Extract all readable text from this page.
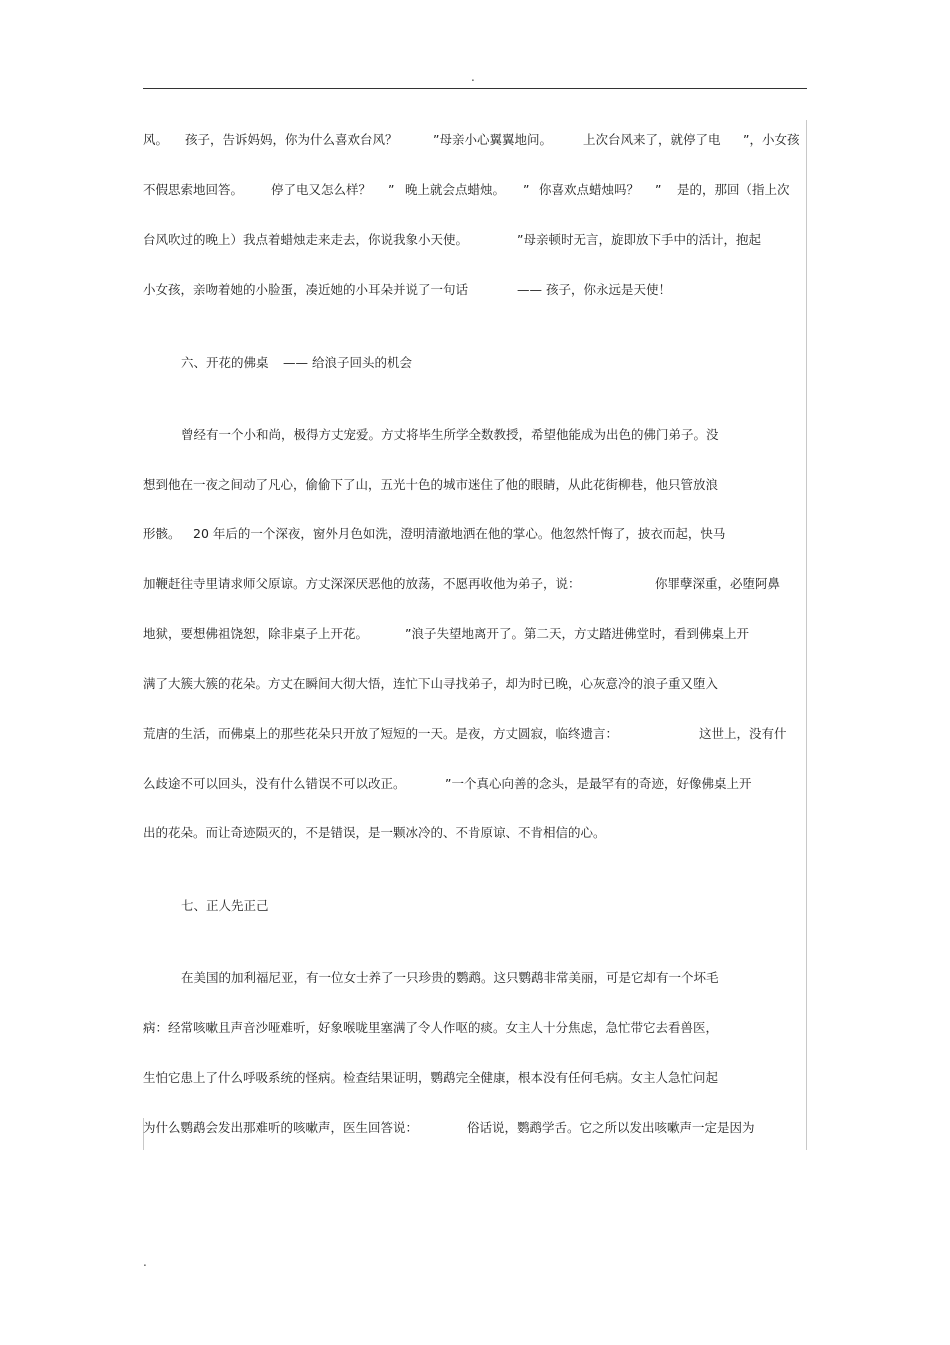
.
风。 孩子，告诉妈妈，你为什么喜欢台风？	”母亲小心翼翼地问。 上次台风来了，就停了电 ”，小女孩
不假思索地回答。 停了电又怎么样？ ” 晚上就会点蜡烛。 ” 你喜欢点蜡烛吗？ ” 是的，那回（指上次
台风吹过的晚上）我点着蜡烛走来走去，你说我象小天使。	”母亲顿时无言，旋即放下手中的活计，抱起
小女孩，亲吻着她的小脸蛋，凑近她的小耳朵并说了一句话	—— 孩子，你永远是天使！
六、开花的佛桌 —— 给浪子回头的机会
曾经有一个小和尚，极得方丈宠爱。方丈将毕生所学全数教授，希望他能成为出色的佛门弟子。没
想到他在一夜之间动了凡心，偷偷下了山，五光十色的城市迷住了他的眼睛，从此花街柳巷，他只管放浪
形骸。 20 年后的一个深夜，窗外月色如洗，澄明清澈地洒在他的掌心。他忽然忏悔了，披衣而起，快马
加鞭赶往寺里请求师父原谅。方丈深深厌恶他的放荡，不愿再收他为弟子，说：	你罪孽深重，必堕阿鼻
地狱，要想佛祖饶恕，除非桌子上开花。	”浪子失望地离开了。第二天，方丈踏进佛堂时，看到佛桌上开
满了大簇大簇的花朵。方丈在瞬间大彻大悟，连忙下山寻找弟子，却为时已晚，心灰意冷的浪子重又堕入
荒唐的生活，而佛桌上的那些花朵只开放了短短的一天。是夜，方丈圆寂，临终遗言：	这世上，没有什
么歧途不可以回头，没有什么错误不可以改正。	”一个真心向善的念头，是最罕有的奇迹，好像佛桌上开
出的花朵。而让奇迹陨灭的，不是错误，是一颗冰冷的、不肯原谅、不肯相信的心。
七、正人先正己
在美国的加利福尼亚，有一位女士养了一只珍贵的鹦鹉。这只鹦鹉非常美丽，可是它却有一个坏毛
病：经常咳嗽且声音沙哑难听，好象喉咙里塞满了令人作呕的痰。女主人十分焦虑，急忙带它去看兽医，
生怕它患上了什么呼吸系统的怪病。检查结果证明，鹦鹉完全健康，根本没有任何毛病。女主人急忙问起
为什么鹦鹉会发出那难听的咳嗽声，医生回答说：	俗话说，鹦鹉学舌。它之所以发出咳嗽声一定是因为
.
